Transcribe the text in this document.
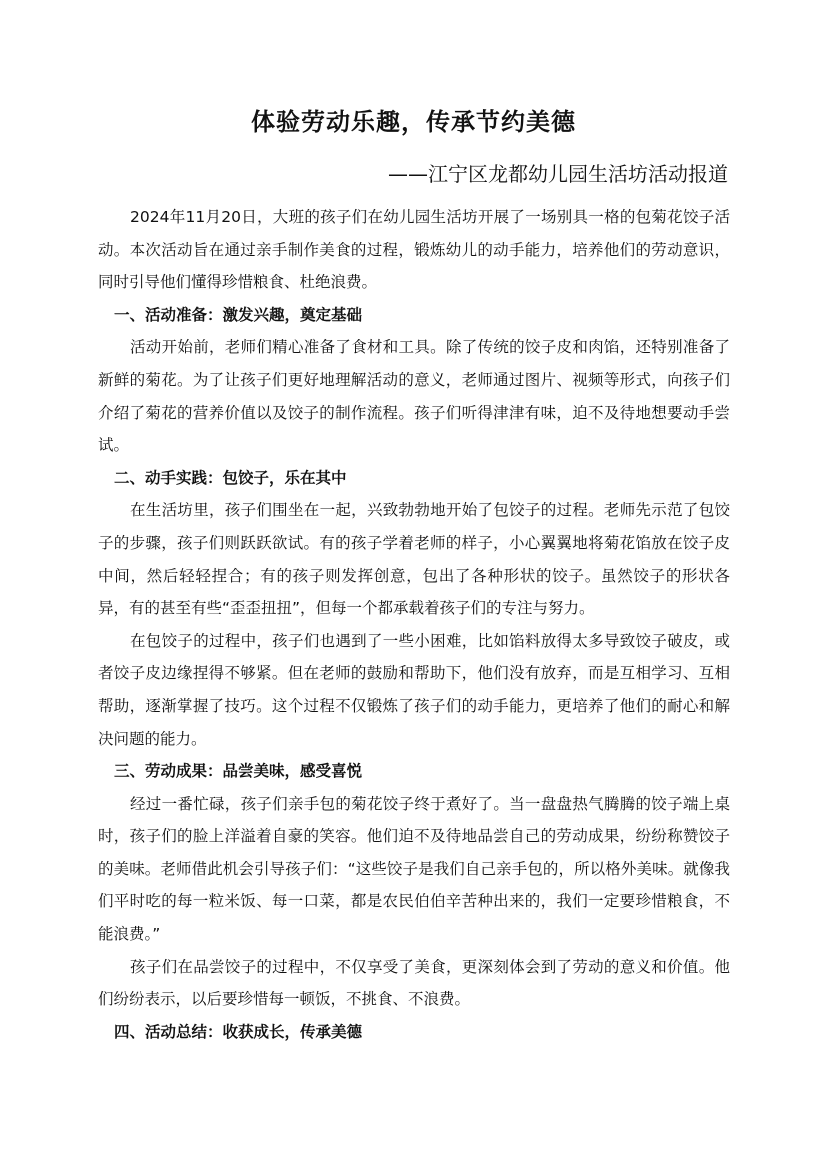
体验劳动乐趣，传承节约美德
——江宁区龙都幼儿园生活坊活动报道

2024年11月20日，大班的孩子们在幼儿园生活坊开展了一场别具一格的包菊花饺子活动。本次活动旨在通过亲手制作美食的过程，锻炼幼儿的动手能力，培养他们的劳动意识，同时引导他们懂得珍惜粮食、杜绝浪费。

一、活动准备：激发兴趣，奠定基础

活动开始前，老师们精心准备了食材和工具。除了传统的饺子皮和肉馅，还特别准备了新鲜的菊花。为了让孩子们更好地理解活动的意义，老师通过图片、视频等形式，向孩子们介绍了菊花的营养价值以及饺子的制作流程。孩子们听得津津有味，迫不及待地想要动手尝试。

二、动手实践：包饺子，乐在其中

在生活坊里，孩子们围坐在一起，兴致勃勃地开始了包饺子的过程。老师先示范了包饺子的步骤，孩子们则跃跃欲试。有的孩子学着老师的样子，小心翼翼地将菊花馅放在饺子皮中间，然后轻轻捏合；有的孩子则发挥创意，包出了各种形状的饺子。虽然饺子的形状各异，有的甚至有些“歪歪扭扭”，但每一个都承载着孩子们的专注与努力。

在包饺子的过程中，孩子们也遇到了一些小困难，比如馅料放得太多导致饺子破皮，或者饺子皮边缘捏得不够紧。但在老师的鼓励和帮助下，他们没有放弃，而是互相学习、互相帮助，逐渐掌握了技巧。这个过程不仅锻炼了孩子们的动手能力，更培养了他们的耐心和解决问题的能力。

三、劳动成果：品尝美味，感受喜悦

经过一番忙碌，孩子们亲手包的菊花饺子终于煮好了。当一盘盘热气腾腾的饺子端上桌时，孩子们的脸上洋溢着自豪的笑容。他们迫不及待地品尝自己的劳动成果，纷纷称赞饺子的美味。老师借此机会引导孩子们：“这些饺子是我们自己亲手包的，所以格外美味。就像我们平时吃的每一粒米饭、每一口菜，都是农民伯伯辛苦种出来的，我们一定要珍惜粮食，不能浪费。”

孩子们在品尝饺子的过程中，不仅享受了美食，更深刻体会到了劳动的意义和价值。他们纷纷表示，以后要珍惜每一顿饭，不挑食、不浪费。

四、活动总结：收获成长，传承美德
